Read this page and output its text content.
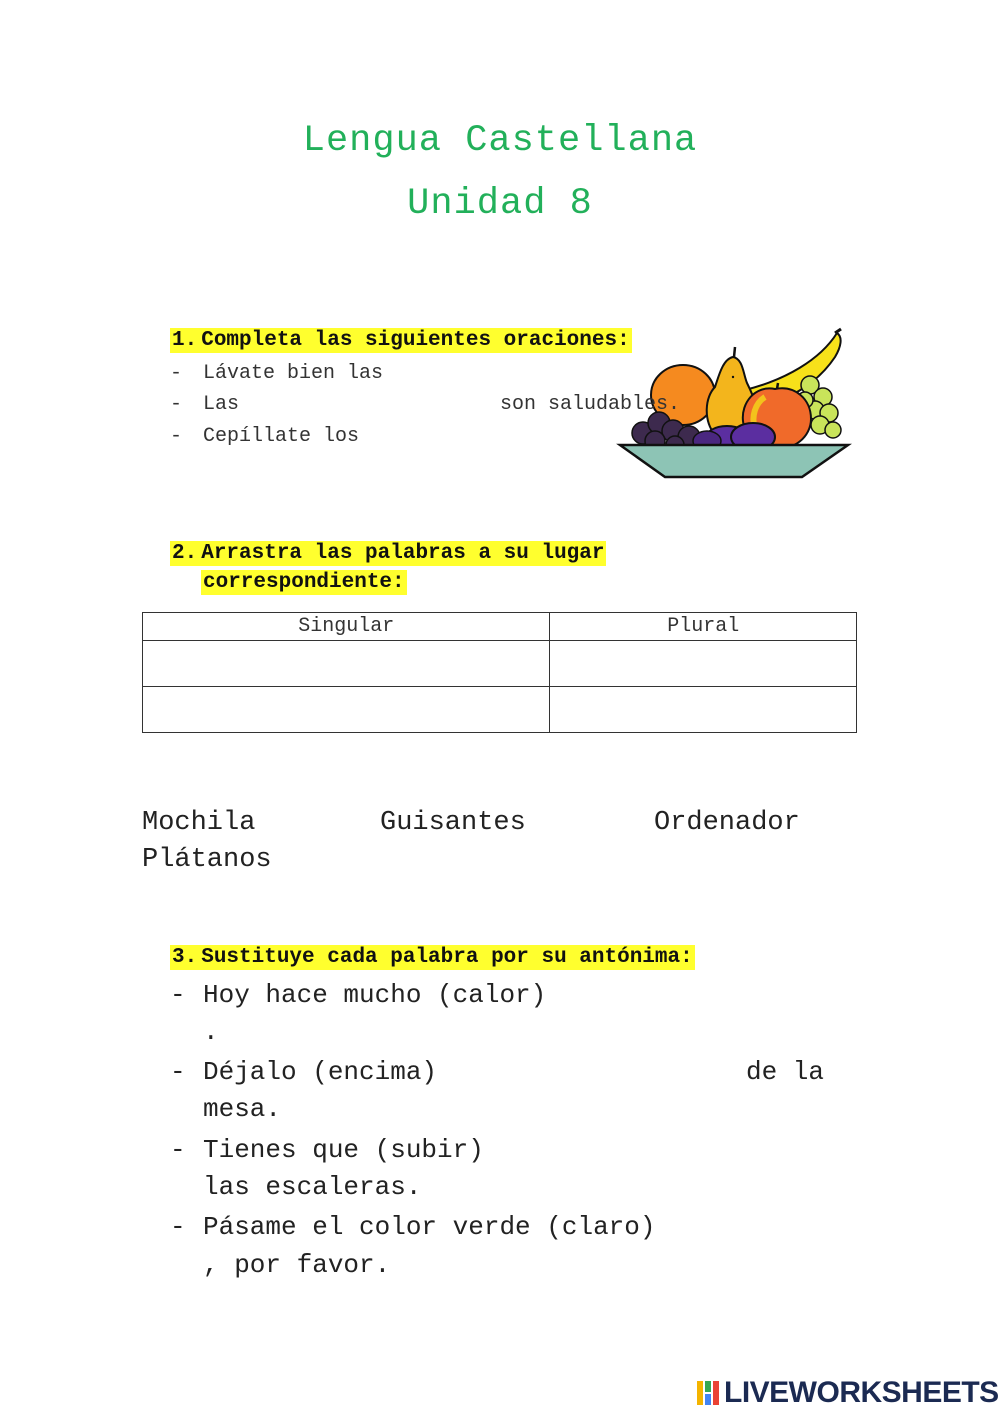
Lengua Castellana
Unidad 8
1. Completa las siguientes oraciones:
- Lávate bien las
- Las	son saludables.
- Cepíllate los
2. Arrastra las palabras a su lugar
correspondiente:
Singular	Plural

Mochila	Guisantes	Ordenador
Plátanos
3. Sustituye cada palabra por su antónima:
- Hoy hace mucho (calor)
.
- Déjalo (encima)	de la
mesa.
- Tienes que (subir)
las escaleras.
- Pásame el color verde (claro)
, por favor.
LIVEWORKSHEETS
